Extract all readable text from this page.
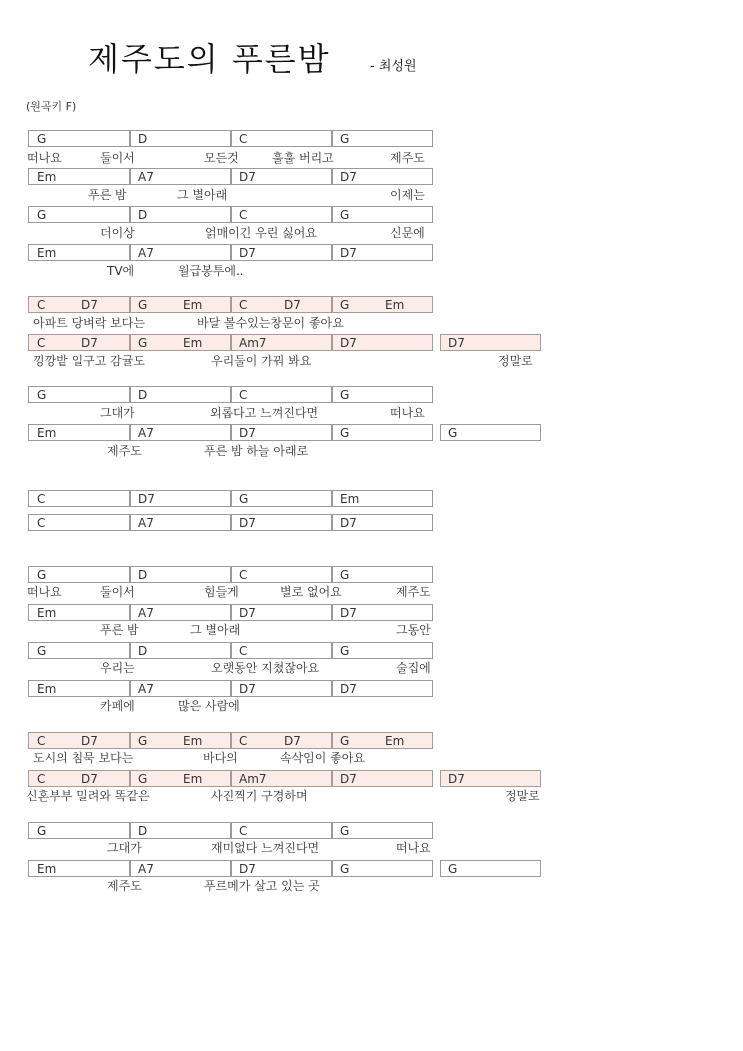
제주도의 푸른밤	- 최성원
(원곡키 F)
G	D	C	G
떠나요	둘이서	모든것	훌훌 버리고	제주도
Em	A7	D7	D7
푸른 밤	그 별아래	이제는
G	D	C	G
더이상	얽매이긴 우린 싫어요	신문에
Em	A7	D7	D7
TV에	월급봉투에..
C	D7	G	Em	C	D7	G	Em
아파트 당벼락 보다는	바달 볼수있는창문이 좋아요
C	D7	G	Em	Am7	D7	D7
낑깡밭 일구고 감귤도	우리둘이 가꿔 봐요	정말로
G	D	C	G
그대가	외롭다고 느껴진다면	떠나요
Em	A7	D7	G	G
제주도	푸른 밤 하늘 아래로
C	D7	G	Em
C	A7	D7	D7
G	D	C	G
떠나요	둘이서	힘들게	별로 없어요	제주도
Em	A7	D7	D7
푸른 밤	그 별아래	그동안
G	D	C	G
우리는	오랫동안 지쳤잖아요	술집에
Em	A7	D7	D7
카페에	많은 사람에
C	D7	G	Em	C	D7	G	Em
도시의 침묵 보다는	바다의	속삭임이 좋아요
C	D7	G	Em	Am7	D7	D7
신혼부부 밀려와 똑같은	사진찍기 구경하며	정말로
G	D	C	G
그대가	재미없다 느껴진다면	떠나요
Em	A7	D7	G	G
제주도	푸르메가 살고 있는 곳
